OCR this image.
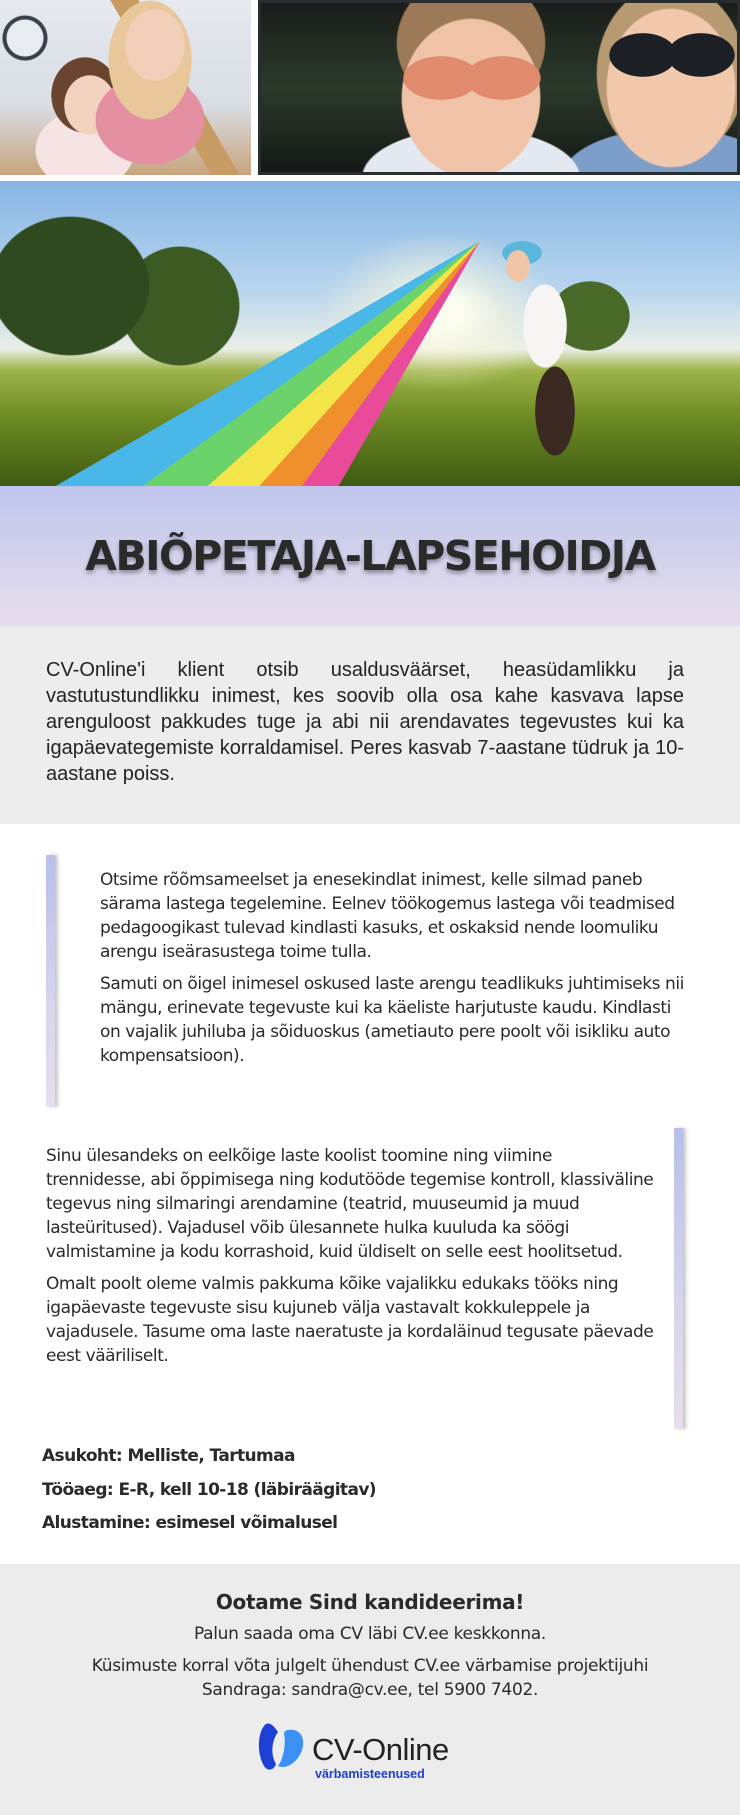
ABIÕPETAJA-LAPSEHOIDJA

CV-Online'i klient otsib usaldusväärset, heasüdamlikku ja vastutustundlikku inimest, kes soovib olla osa kahe kasvava lapse arenguloost pakkudes tuge ja abi nii arendavates tegevustes kui ka igapäevategemiste korraldamisel. Peres kasvab 7-aastane tüdruk ja 10-aastane poiss.

Otsime rõõmsameelset ja enesekindlat inimest, kelle silmad paneb särama lastega tegelemine. Eelnev töökogemus lastega või teadmised pedagoogikast tulevad kindlasti kasuks, et oskaksid nende loomuliku arengu iseärasustega toime tulla.

Samuti on õigel inimesel oskused laste arengu teadlikuks juhtimiseks nii mängu, erinevate tegevuste kui ka käeliste harjutuste kaudu. Kindlasti on vajalik juhiluba ja sõiduoskus (ametiauto pere poolt või isikliku auto kompensatsioon).

Sinu ülesandeks on eelkõige laste koolist toomine ning viimine trennidesse, abi õppimisega ning kodutööde tegemise kontroll, klassiväline tegevus ning silmaringi arendamine (teatrid, muuseumid ja muud lasteüritused). Vajadusel võib ülesannete hulka kuuluda ka söögi valmistamine ja kodu korrashoid, kuid üldiselt on selle eest hoolitsetud.

Omalt poolt oleme valmis pakkuma kõike vajalikku edukaks tööks ning igapäevaste tegevuste sisu kujuneb välja vastavalt kokkuleppele ja vajadusele. Tasume oma laste naeratuste ja kordaläinud tegusate päevade eest vääriliselt.

Asukoht: Melliste, Tartumaa
Tööaeg: E-R, kell 10-18 (läbiräägitav)
Alustamine: esimesel võimalusel
Ootame Sind kandideerima!
Palun saada oma CV läbi CV.ee keskkonna.
Küsimuste korral võta julgelt ühendust CV.ee värbamise projektijuhi Sandraga: sandra@cv.ee, tel 5900 7402.
CV-Online
värbamisteenused
